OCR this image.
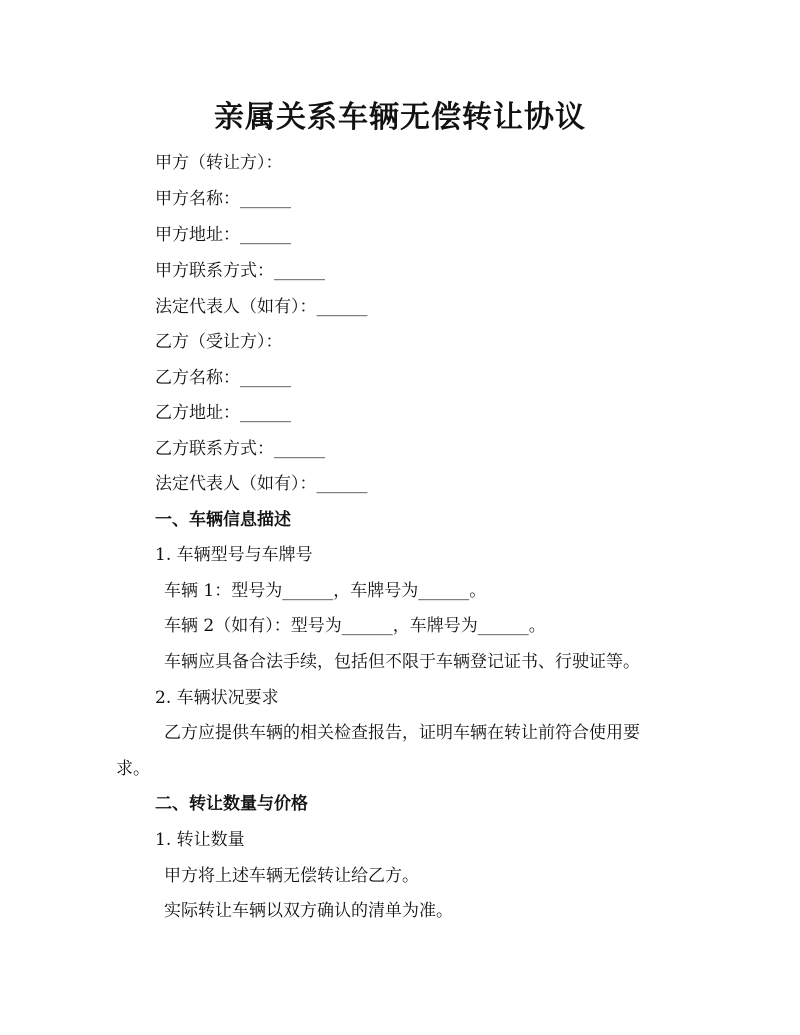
亲属关系车辆无偿转让协议

甲方（转让方）：

甲方名称：______

甲方地址：______

甲方联系方式：______

法定代表人（如有）：______

乙方（受让方）：

乙方名称：______

乙方地址：______

乙方联系方式：______

法定代表人（如有）：______

一、车辆信息描述

1. 车辆型号与车牌号

车辆 1：型号为______，车牌号为______。

车辆 2（如有）：型号为______，车牌号为______。

车辆应具备合法手续，包括但不限于车辆登记证书、行驶证等。

2. 车辆状况要求

乙方应提供车辆的相关检查报告，证明车辆在转让前符合使用要

求。

二、转让数量与价格

1. 转让数量

甲方将上述车辆无偿转让给乙方。

实际转让车辆以双方确认的清单为准。
